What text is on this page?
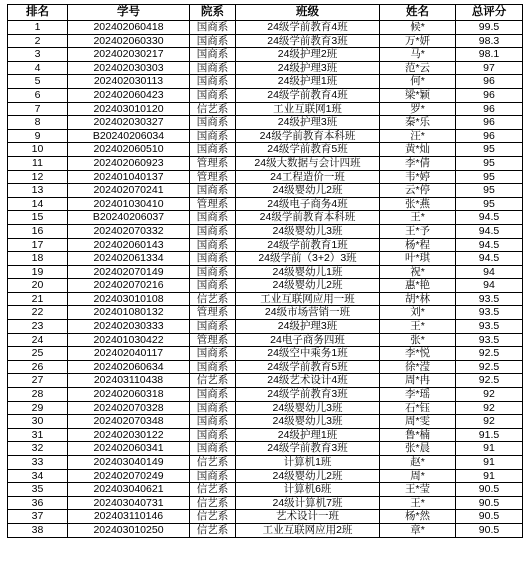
排名	学号	院系	班级	姓名	总评分
1	202402060418	国商系	24级学前教育4班	候*	99.5
2	202402060330	国商系	24级学前教育3班	万*妍	98.3
3	202402030217	国商系	24级护理2班	马*	98.1
4	202402030303	国商系	24级护理3班	范*云	97
5	202402030113	国商系	24级护理1班	何*	96
6	202402060423	国商系	24级学前教育4班	梁*颖	96
7	202403010120	信艺系	工业互联网1班	罗*	96
8	202402030327	国商系	24级护理3班	秦*乐	96
9	B20240206034	国商系	24级学前教育本科班	汪*	96
10	202402060510	国商系	24级学前教育5班	黄*灿	95
11	202402060923	管理系	24级大数据与会计四班	李*倩	95
12	202401040137	管理系	24工程造价一班	韦*婷	95
13	202402070241	国商系	24级婴幼儿2班	云*停	95
14	202401030410	管理系	24级电子商务4班	张*燕	95
15	B20240206037	国商系	24级学前教育本科班	王*	94.5
16	202402070332	国商系	24级婴幼儿3班	王*予	94.5
17	202402060143	国商系	24级学前教育1班	杨*程	94.5
18	202402061334	国商系	24级学前（3+2）3班	叶*琪	94.5
19	202402070149	国商系	24级婴幼儿1班	祝*	94
20	202402070216	国商系	24级婴幼儿2班	惠*艳	94
21	202403010108	信艺系	工业互联网应用一班	胡*林	93.5
22	202401080132	管理系	24级市场营销一班	刘*	93.5
23	202402030333	国商系	24级护理3班	王*	93.5
24	202401030422	管理系	24电子商务四班	张*	93.5
25	202402040117	国商系	24级空中乘务1班	李*悦	92.5
26	202402060634	国商系	24级学前教育5班	徐*滢	92.5
27	202403110438	信艺系	24级艺术设计4班	周*冉	92.5
28	202402060318	国商系	24级学前教育3班	李*瑶	92
29	202402070328	国商系	24级婴幼儿3班	石*钰	92
30	202402070348	国商系	24级婴幼儿3班	周*雯	92
31	202402030122	国商系	24级护理1班	鲁*楠	91.5
32	202402060341	国商系	24级学前教育3班	张*晨	91
33	202403040149	信艺系	计算机1班	赵*	91
34	202402070249	国商系	24级婴幼儿2班	周*	91
35	202403040621	信艺系	计算机6班	王*莹	90.5
36	202403040731	信艺系	24级计算机7班	王*	90.5
37	202403110146	信艺系	艺术设计一班	杨*然	90.5
38	202403010250	信艺系	工业互联网应用2班	章*	90.5
